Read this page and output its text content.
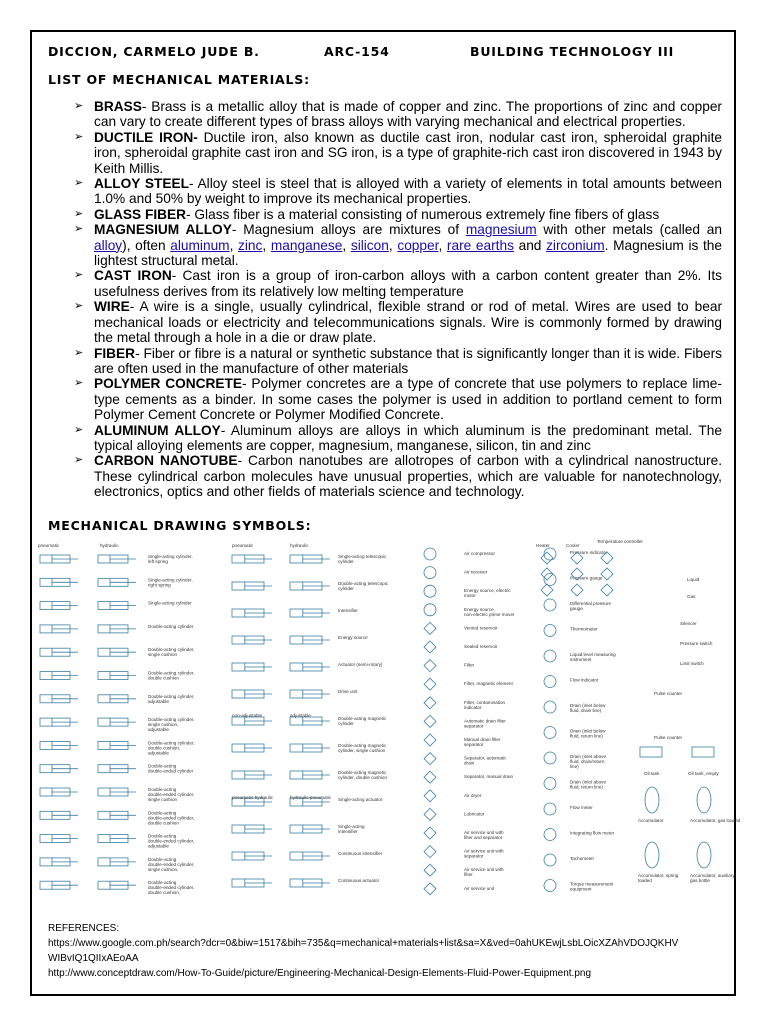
DICCION, CARMELO JUDE B.	ARC-154	BUILDING TECHNOLOGY III
LIST OF MECHANICAL MATERIALS:
➢ BRASS- Brass is a metallic alloy that is made of copper and zinc. The proportions of zinc and copper can vary to create different types of brass alloys with varying mechanical and electrical properties.
➢ DUCTILE IRON- Ductile iron, also known as ductile cast iron, nodular cast iron, spheroidal graphite iron, spheroidal graphite cast iron and SG iron, is a type of graphite-rich cast iron discovered in 1943 by Keith Millis.
➢ ALLOY STEEL- Alloy steel is steel that is alloyed with a variety of elements in total amounts between 1.0% and 50% by weight to improve its mechanical properties.
➢ GLASS FIBER- Glass fiber is a material consisting of numerous extremely fine fibers of glass
➢ MAGNESIUM ALLOY- Magnesium alloys are mixtures of magnesium with other metals (called an alloy), often aluminum, zinc, manganese, silicon, copper, rare earths and zirconium. Magnesium is the lightest structural metal.
➢ CAST IRON- Cast iron is a group of iron-carbon alloys with a carbon content greater than 2%. Its usefulness derives from its relatively low melting temperature
➢ WIRE- A wire is a single, usually cylindrical, flexible strand or rod of metal. Wires are used to bear mechanical loads or electricity and telecommunications signals. Wire is commonly formed by drawing the metal through a hole in a die or draw plate.
➢ FIBER- Fiber or fibre is a natural or synthetic substance that is significantly longer than it is wide. Fibers are often used in the manufacture of other materials
➢ POLYMER CONCRETE- Polymer concretes are a type of concrete that use polymers to replace lime-type cements as a binder. In some cases the polymer is used in addition to portland cement to form Polymer Cement Concrete or Polymer Modified Concrete.
➢ ALUMINUM ALLOY- Aluminum alloys are alloys in which aluminum is the predominant metal. The typical alloying elements are copper, magnesium, manganese, silicon, tin and zinc
➢ CARBON NANOTUBE- Carbon nanotubes are allotropes of carbon with a cylindrical nanostructure. These cylindrical carbon molecules have unusual properties, which are valuable for nanotechnology, electronics, optics and other fields of materials science and technology.
MECHANICAL DRAWING SYMBOLS:
pneumatic	hydraulic	pneumatic	hydraulic
Single-acting cylinder, left spring
Single-acting cylinder, right spring
Single-acting cylinder
Double-acting cylinder
Double-acting cylinder, single cushion
Double-acting cylinder, double cushion
Double-acting cylinder, adjustable
Double-acting cylinder, single cushion, adjustable
Double-acting cylinder, double cushion, adjustable
Double-acting double-ended cylinder
Double-acting double-ended cylinder, single cushion
Double-acting double-ended cylinder, double cushion
Double-acting double-ended cylinder, adjustable
Double-acting double-ended cylinder, single cushion,
Double-acting double-ended cylinder, double cushion,
Single-acting telescopic cylinder
Double-acting telescopic cylinder
Intensifier
Energy source
Actuator (semi-rotary)
Drive unit
Double-acting magnetic cylinder
Double-acting magnetic cylinder, single cushion
Double-acting magnetic cylinder, double cushion
Single-acting actuator
Single-acting intensifier
Continuous intensifier
Continuous actuator
non-adjustable	adjustable
pneumatic-hydraulic	hydraulic-pneumatic
Air compressor
Air receiver
Energy source, electric motor
Energy source, non-electric prime mover
Vented reservoir
Sealed reservoir
Filter
Filter, magnetic element
Filter, contamination indicator
Automatic drain filter separator
Manual drain filter separator
Separator, automatic drain
Separator, manual drain
Air dryer
Lubricator
Air service unit with filter and separator
Air service unit with separator
Air service unit with filter
Air service unit
Pressure indicator
Pressure gauge
Differential pressure gauge
Thermometer
Liquid level measuring instrument
Flow indicator
Drain (inlet below fluid, drain line)
Drain (inlet below fluid, return line)
Drain (inlet above fluid, drain/return line)
Drain (inlet above fluid, return line)
Flow meter
Integrating flow meter
Tachometer
Torque measurement equipment
Heater	Cooler
Temperature controller
Liquid
Gas
Silencer
Pressure switch
Limit switch
Pulse counter
Pulse counter
Oil tank	Oil tank, empty
Accumulator	Accumulator, gas loaded
Accumulator, spring loaded
Accumulator, auxiliary gas bottle
REFERENCES:
https://www.google.com.ph/search?dcr=0&biw=1517&bih=735&q=mechanical+materials+list&sa=X&ved=0ahUKEwjLsbLOicXZAhVDOJQKHV
WIBvIQ1QIIxAEoAA
http://www.conceptdraw.com/How-To-Guide/picture/Engineering-Mechanical-Design-Elements-Fluid-Power-Equipment.png
